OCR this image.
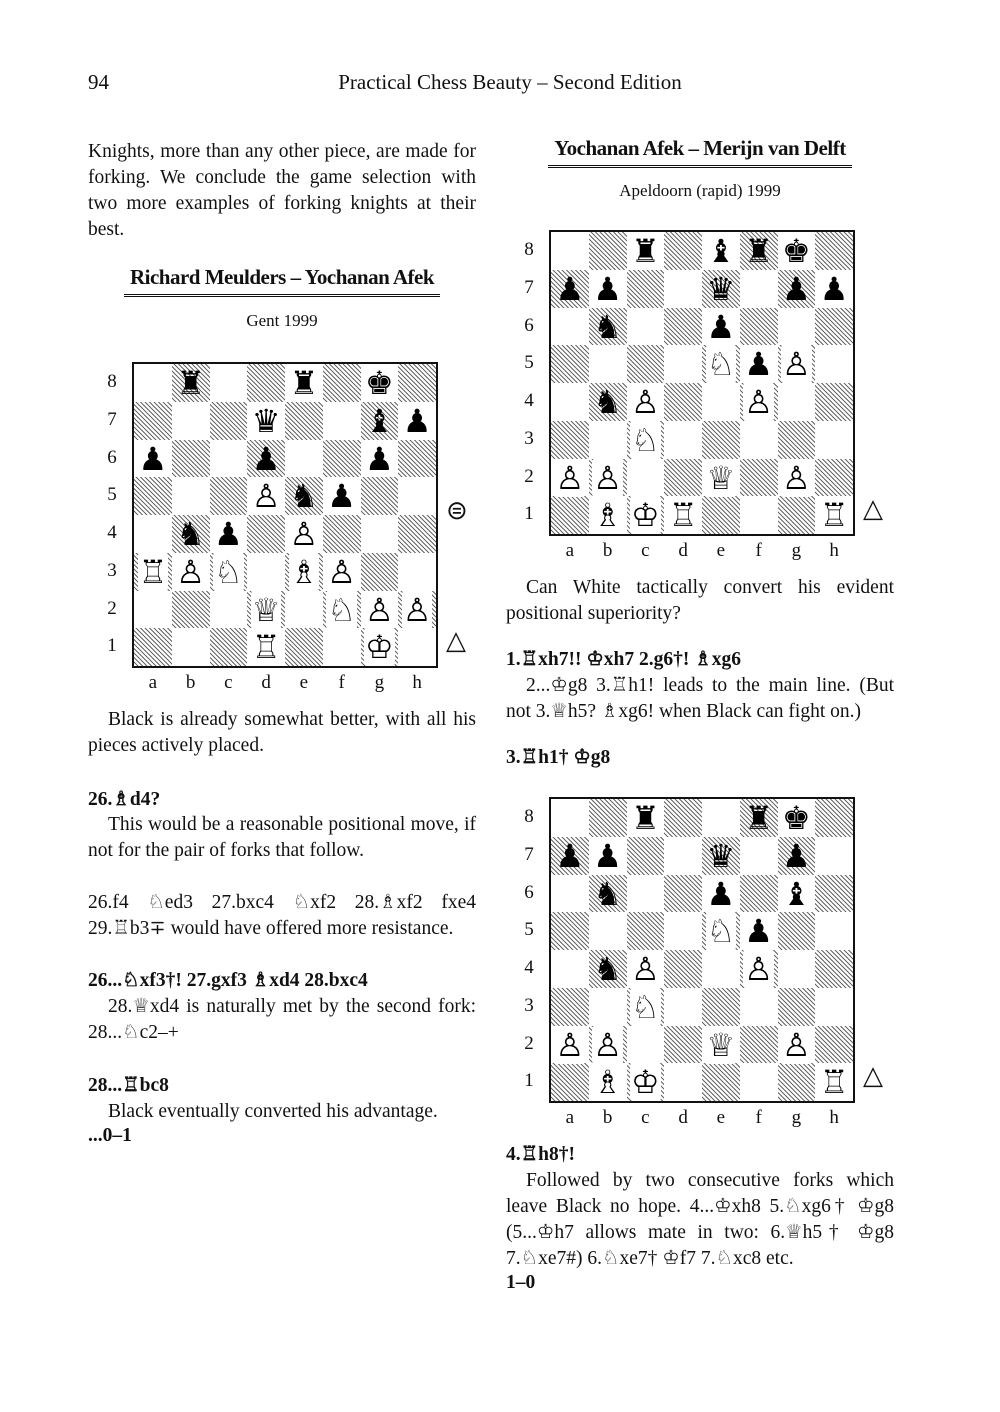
94	Practical Chess Beauty – Second Edition
Knights, more than any other piece, are made for forking. We conclude the game selection with two more examples of forking knights at their best.
Richard Meulders – Yochanan Afek
Gent 1999
♜	♜ ♚
♛	♝ ♟
♟	♟	♟
♙ ♞ ♟
♞ ♟ ♙
♖ ♙ ♘ ♗ ♙
♕ ♘ ♙ ♙
♖	♔
Black is already somewhat better, with all his pieces actively placed.
26.♗d4?
This would be a reasonable positional move, if not for the pair of forks that follow.
26.f4 ♘ed3 27.bxc4 ♘xf2 28.♗xf2 fxe4 29.♖b3∓ would have offered more resistance.
26...♘xf3†! 27.gxf3 ♗xd4 28.bxc4
28.♕xd4 is naturally met by the second fork: 28...♘c2–+
28...♖bc8
Black eventually converted his advantage.
...0–1
Yochanan Afek – Merijn van Delft
Apeldoorn (rapid) 1999
♜ ♝ ♜ ♚
♟ ♟	♛ ♟ ♟
♞	♟
♘ ♟ ♙
♞ ♙	♙
♘
♙ ♙	♕ ♙
♗ ♔ ♖	♖
Can White tactically convert his evident positional superiority?
1.♖xh7!! ♔xh7 2.g6†! ♗xg6
2...♔g8 3.♖h1! leads to the main line. (But not 3.♕h5? ♗xg6! when Black can fight on.)
3.♖h1† ♔g8
♜	♜ ♚
♟ ♟	♛ ♟
♞	♟ ♝
♘ ♟
♞ ♙	♙
♘
♙ ♙	♕ ♙
♗ ♔	♖
4.♖h8†!
Followed by two consecutive forks which leave Black no hope. 4...♔xh8 5.♘xg6† ♔g8 (5...♔h7 allows mate in two: 6.♕h5† ♔g8 7.♘xe7#) 6.♘xe7† ♔f7 7.♘xc8 etc.
1–0
8
7
6
5
4
3
2
1
a	b	c	d	e	f	g	h
⊜
△
8
7
6
5
4
3
2
1
a	b	c	d	e	f	g	h
△
8
7
6
5
4
3
2
1
a	b	c	d	e	f	g	h
△
